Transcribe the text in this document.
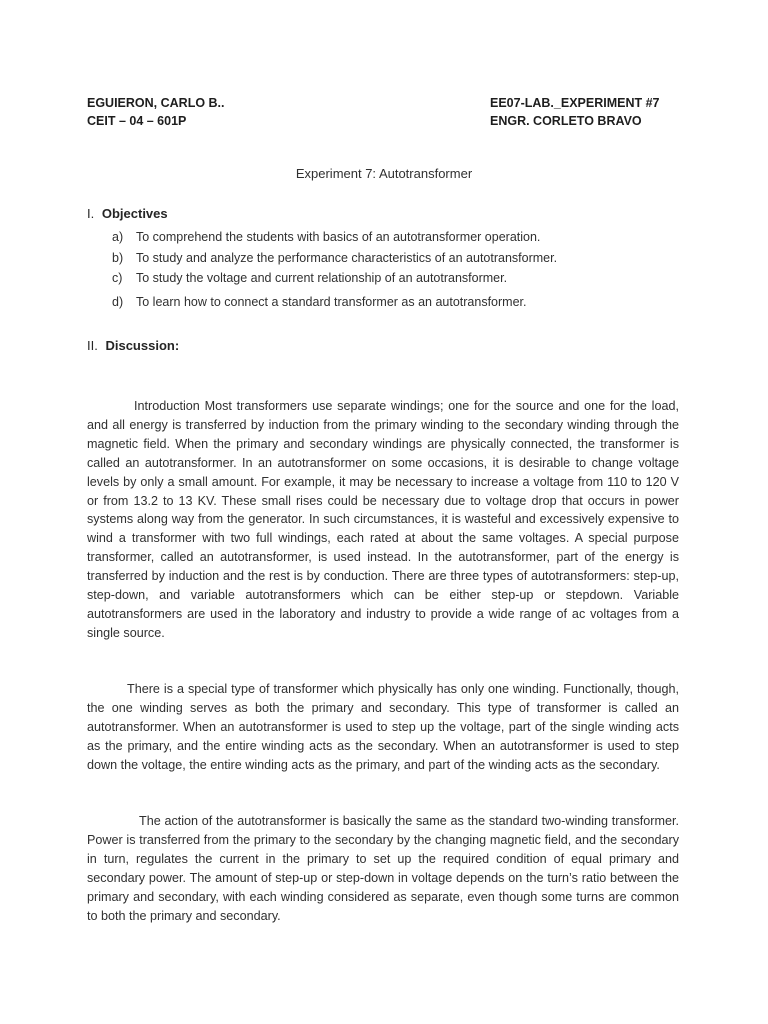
EGUIERON, CARLO B..
CEIT – 04 – 601P
EE07-LAB._EXPERIMENT #7
ENGR. CORLETO BRAVO
Experiment 7: Autotransformer
I. Objectives
a) To comprehend the students with basics of an autotransformer operation.
b) To study and analyze the performance characteristics of an autotransformer.
c) To study the voltage and current relationship of an autotransformer.
d) To learn how to connect a standard transformer as an autotransformer.
II. Discussion:

Introduction Most transformers use separate windings; one for the source and one for the load, and all energy is transferred by induction from the primary winding to the secondary winding through the magnetic field. When the primary and secondary windings are physically connected, the transformer is called an autotransformer. In an autotransformer on some occasions, it is desirable to change voltage levels by only a small amount. For example, it may be necessary to increase a voltage from 110 to 120 V or from 13.2 to 13 KV. These small rises could be necessary due to voltage drop that occurs in power systems along way from the generator. In such circumstances, it is wasteful and excessively expensive to wind a transformer with two full windings, each rated at about the same voltages. A special purpose transformer, called an autotransformer, is used instead. In the autotransformer, part of the energy is transferred by induction and the rest is by conduction. There are three types of autotransformers: step-up, step-down, and variable autotransformers which can be either step-up or stepdown. Variable autotransformers are used in the laboratory and industry to provide a wide range of ac voltages from a single source.

There is a special type of transformer which physically has only one winding. Functionally, though, the one winding serves as both the primary and secondary. This type of transformer is called an autotransformer. When an autotransformer is used to step up the voltage, part of the single winding acts as the primary, and the entire winding acts as the secondary. When an autotransformer is used to step down the voltage, the entire winding acts as the primary, and part of the winding acts as the secondary.

The action of the autotransformer is basically the same as the standard two-winding transformer. Power is transferred from the primary to the secondary by the changing magnetic field, and the secondary in turn, regulates the current in the primary to set up the required condition of equal primary and secondary power. The amount of step-up or step-down in voltage depends on the turn’s ratio between the primary and secondary, with each winding considered as separate, even though some turns are common to both the primary and secondary.
